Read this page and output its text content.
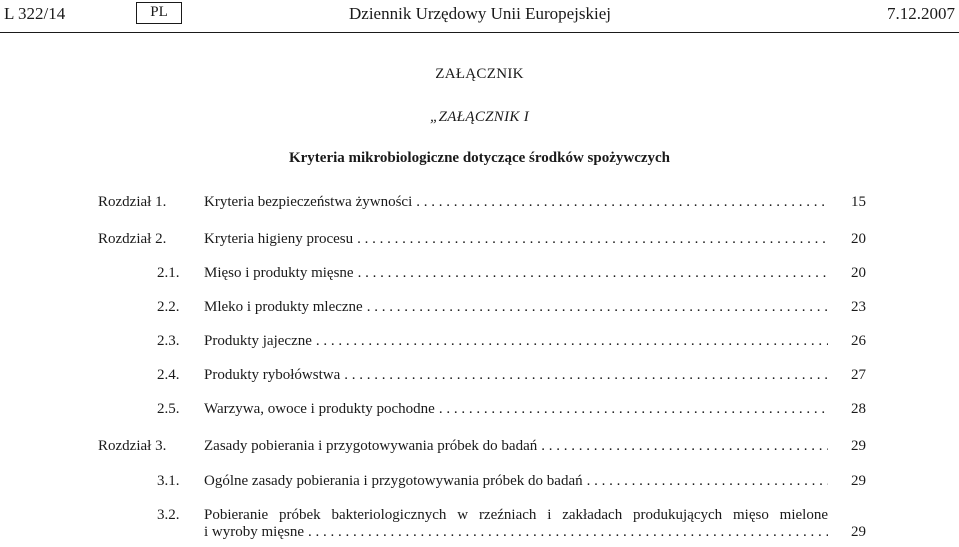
L 322/14	PL	Dziennik Urzędowy Unii Europejskiej	7.12.2007
ZAŁĄCZNIK
„ZAŁĄCZNIK I
Kryteria mikrobiologiczne dotyczące środków spożywczych
Rozdział 1.	Kryteria bezpieczeństwa żywności . . .	15
Rozdział 2.	Kryteria higieny procesu . . .	20
2.1. Mięso i produkty mięsne . . .	20
2.2. Mleko i produkty mleczne . . .	23
2.3. Produkty jajeczne . . .	26
2.4. Produkty rybołówstwa . . .	27
2.5. Warzywa, owoce i produkty pochodne . . .	28
Rozdział 3.	Zasady pobierania i przygotowywania próbek do badań . . .	29
3.1. Ogólne zasady pobierania i przygotowywania próbek do badań . . .	29
3.2. Pobieranie próbek bakteriologicznych w rzeźniach i zakładach produkujących mięso mielone
i wyroby mięsne . . .	29
